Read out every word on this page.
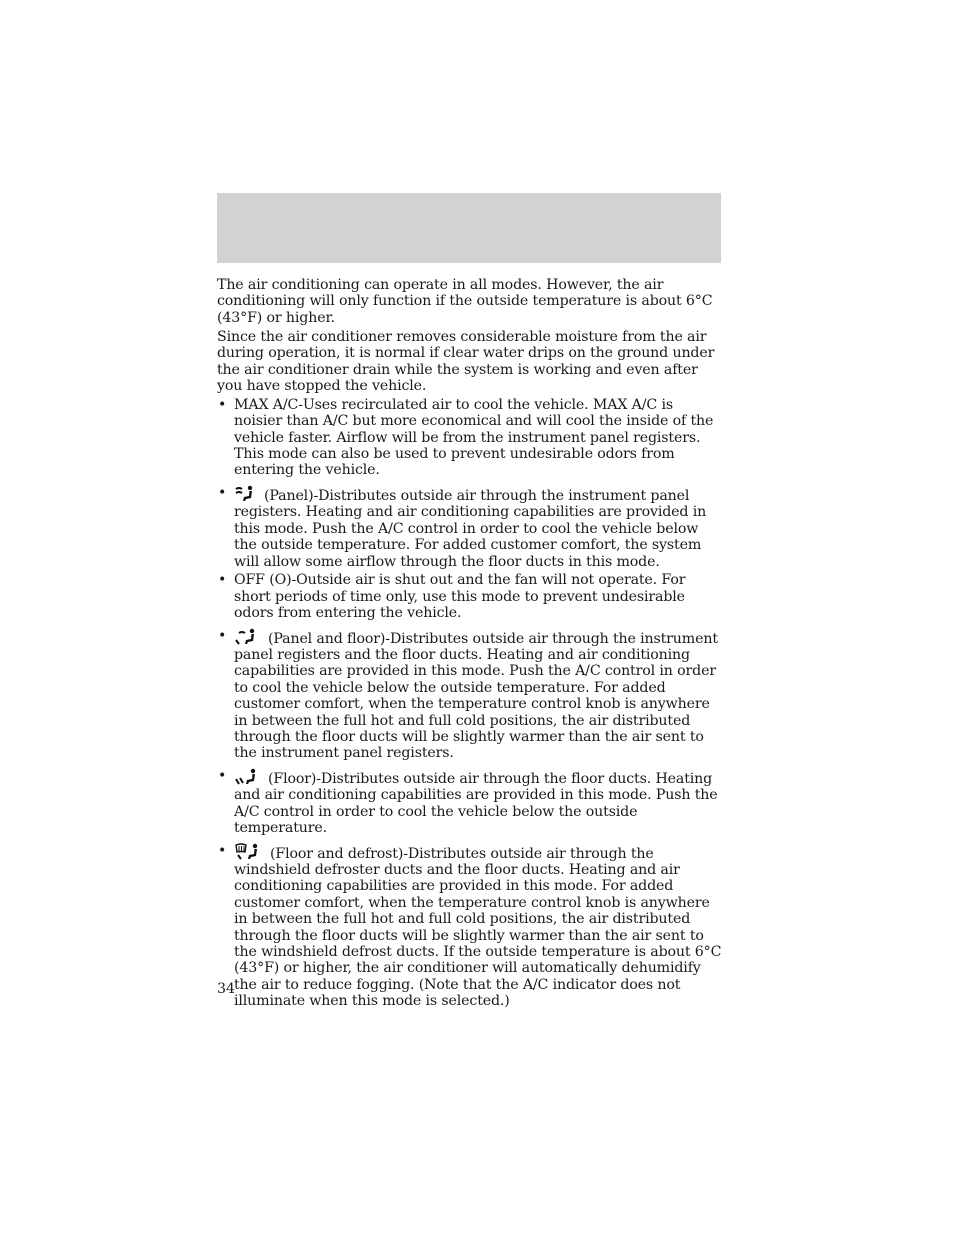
The air conditioning can operate in all modes. However, the air conditioning will only function if the outside temperature is about 6°C (43°F) or higher.

Since the air conditioner removes considerable moisture from the air during operation, it is normal if clear water drips on the ground under the air conditioner drain while the system is working and even after you have stopped the vehicle.

• MAX A/C-Uses recirculated air to cool the vehicle. MAX A/C is noisier than A/C but more economical and will cool the inside of the vehicle faster. Airflow will be from the instrument panel registers. This mode can also be used to prevent undesirable odors from entering the vehicle.
•	(Panel)-Distributes outside air through the instrument panel registers. Heating and air conditioning capabilities are provided in this mode. Push the A/C control in order to cool the vehicle below the outside temperature. For added customer comfort, the system will allow some airflow through the floor ducts in this mode.
• OFF (O)-Outside air is shut out and the fan will not operate. For short periods of time only, use this mode to prevent undesirable odors from entering the vehicle.
•	(Panel and floor)-Distributes outside air through the instrument panel registers and the floor ducts. Heating and air conditioning capabilities are provided in this mode. Push the A/C control in order to cool the vehicle below the outside temperature. For added customer comfort, when the temperature control knob is anywhere in between the full hot and full cold positions, the air distributed through the floor ducts will be slightly warmer than the air sent to the instrument panel registers.
•	(Floor)-Distributes outside air through the floor ducts. Heating and air conditioning capabilities are provided in this mode. Push the A/C control in order to cool the vehicle below the outside temperature.
•	(Floor and defrost)-Distributes outside air through the windshield defroster ducts and the floor ducts. Heating and air conditioning capabilities are provided in this mode. For added customer comfort, when the temperature control knob is anywhere in between the full hot and full cold positions, the air distributed through the floor ducts will be slightly warmer than the air sent to the windshield defrost ducts. If the outside temperature is about 6°C (43°F) or higher, the air conditioner will automatically dehumidify the air to reduce fogging. (Note that the A/C indicator does not illuminate when this mode is selected.)
34
